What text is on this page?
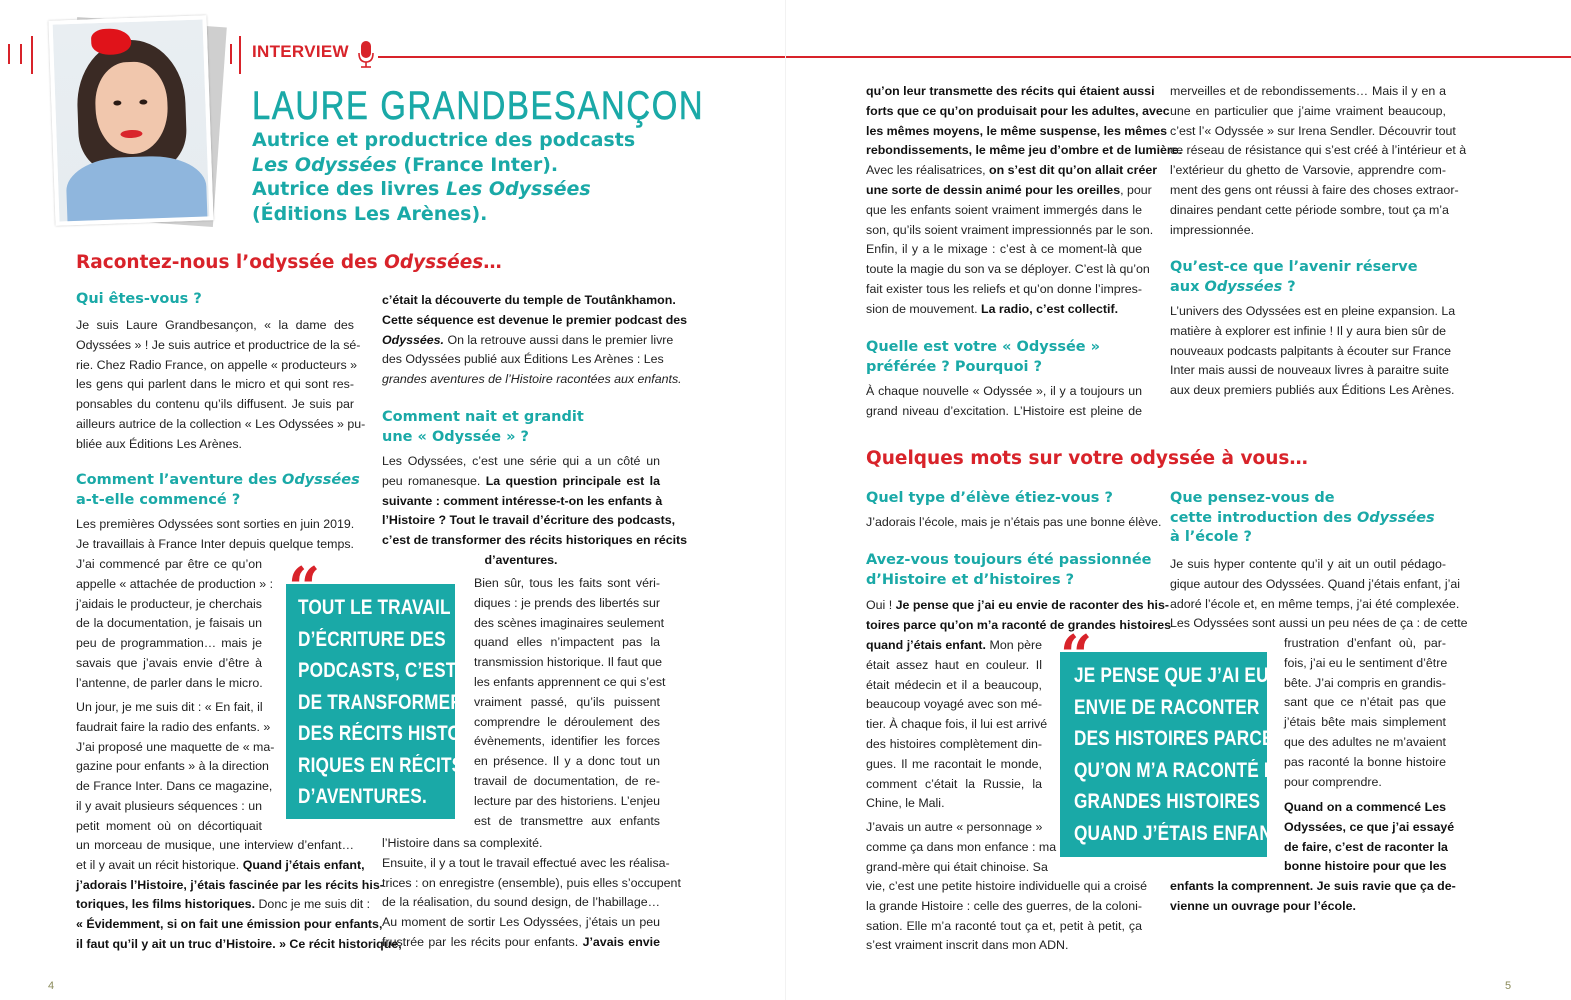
INTERVIEW
LAURE GRANDBESANÇON
Autrice et productrice des podcasts
Les Odyssées (France Inter).
Autrice des livres Les Odyssées
(Éditions Les Arènes).
Racontez-nous l’odyssée des Odyssées…
Qui êtes-vous ?
Je suis Laure Grandbesançon, « la dame des
Odyssées » ! Je suis autrice et productrice de la sé-
rie. Chez Radio France, on appelle « producteurs »
les gens qui parlent dans le micro et qui sont res-
ponsables du contenu qu’ils diffusent. Je suis par
ailleurs autrice de la collection « Les Odyssées » pu-
bliée aux Éditions Les Arènes.
Comment l’aventure des Odyssées
a-t-elle commencé ?
Les premières Odyssées sont sorties en juin 2019.
Je travaillais à France Inter depuis quelque temps.
J’ai commencé par être ce qu’on
appelle « attachée de production » :
j’aidais le producteur, je cherchais
de la documentation, je faisais un
peu de programmation… mais je
savais que j’avais envie d’être à
l’antenne, de parler dans le micro.
Un jour, je me suis dit : « En fait, il
faudrait faire la radio des enfants. »
J’ai proposé une maquette de « ma-
gazine pour enfants » à la direction
de France Inter. Dans ce magazine,
il y avait plusieurs séquences : un
petit moment où on décortiquait
un morceau de musique, une interview d’enfant…
et il y avait un récit historique. Quand j’étais enfant,
j’adorais l’Histoire, j’étais fascinée par les récits his-
toriques, les films historiques. Donc je me suis dit :
« Évidemment, si on fait une émission pour enfants,
il faut qu’il y ait un truc d’Histoire. » Ce récit historique,
TOUT LE TRAVAIL
D’ÉCRITURE DES
PODCASTS, C’EST
DE TRANSFORMER
DES RÉCITS HISTO-
RIQUES EN RÉCITS
D’AVENTURES.
c’était la découverte du temple de Toutânkhamon.
Cette séquence est devenue le premier podcast des
Odyssées. On la retrouve aussi dans le premier livre
des Odyssées publié aux Éditions Les Arènes : Les
grandes aventures de l’Histoire racontées aux enfants.
Comment nait et grandit
une « Odyssée » ?
Les Odyssées, c’est une série qui a un côté un
peu romanesque. La question principale est la
suivante : comment intéresse-t-on les enfants à
l’Histoire ? Tout le travail d’écriture des podcasts,
c’est de transformer des récits historiques en récits
d’aventures.
Bien sûr, tous les faits sont véri-
diques : je prends des libertés sur
des scènes imaginaires seulement
quand elles n’impactent pas la
transmission historique. Il faut que
les enfants apprennent ce qui s’est
vraiment passé, qu’ils puissent
comprendre le déroulement des
évènements, identifier les forces
en présence. Il y a donc tout un
travail de documentation, de re-
lecture par des historiens. L’enjeu
est de transmettre aux enfants
l’Histoire dans sa complexité.
Ensuite, il y a tout le travail effectué avec les réalisa-
trices : on enregistre (ensemble), puis elles s’occupent
de la réalisation, du sound design, de l’habillage…
Au moment de sortir Les Odyssées, j’étais un peu
frustrée par les récits pour enfants. J’avais envie
4
qu’on leur transmette des récits qui étaient aussi
forts que ce qu’on produisait pour les adultes, avec
les mêmes moyens, le même suspense, les mêmes
rebondissements, le même jeu d’ombre et de lumière.
Avec les réalisatrices, on s’est dit qu’on allait créer
une sorte de dessin animé pour les oreilles, pour
que les enfants soient vraiment immergés dans le
son, qu’ils soient vraiment impressionnés par le son.
Enfin, il y a le mixage : c’est à ce moment-là que
toute la magie du son va se déployer. C’est là qu’on
fait exister tous les reliefs et qu’on donne l’impres-
sion de mouvement. La radio, c’est collectif.
Quelle est votre « Odyssée »
préférée ? Pourquoi ?
À chaque nouvelle « Odyssée », il y a toujours un
grand niveau d’excitation. L’Histoire est pleine de
merveilles et de rebondissements… Mais il y en a
une en particulier que j’aime vraiment beaucoup,
c’est l’« Odyssée » sur Irena Sendler. Découvrir tout
ce réseau de résistance qui s’est créé à l’intérieur et à
l’extérieur du ghetto de Varsovie, apprendre com-
ment des gens ont réussi à faire des choses extraor-
dinaires pendant cette période sombre, tout ça m’a
impressionnée.
Qu’est-ce que l’avenir réserve
aux Odyssées ?
L’univers des Odyssées est en pleine expansion. La
matière à explorer est infinie ! Il y aura bien sûr de
nouveaux podcasts palpitants à écouter sur France
Inter mais aussi de nouveaux livres à paraitre suite
aux deux premiers publiés aux Éditions Les Arènes.
Quelques mots sur votre odyssée à vous…
Quel type d’élève étiez-vous ?
J’adorais l’école, mais je n’étais pas une bonne élève.
Avez-vous toujours été passionnée
d’Histoire et d’histoires ?
Oui ! Je pense que j’ai eu envie de raconter des his-
toires parce qu’on m’a raconté de grandes histoires
quand j’étais enfant. Mon père
était assez haut en couleur. Il
était médecin et il a beaucoup,
beaucoup voyagé avec son mé-
tier. À chaque fois, il lui est arrivé
des histoires complètement din-
gues. Il me racontait le monde,
comment c’était la Russie, la
Chine, le Mali.
J’avais un autre « personnage »
comme ça dans mon enfance : ma
grand-mère qui était chinoise. Sa
vie, c’est une petite histoire individuelle qui a croisé
la grande Histoire : celle des guerres, de la coloni-
sation. Elle m’a raconté tout ça et, petit à petit, ça
s’est vraiment inscrit dans mon ADN.
JE PENSE QUE J’AI EU
ENVIE DE RACONTER
DES HISTOIRES PARCE
QU’ON M’A RACONTÉ DE
GRANDES HISTOIRES
QUAND J’ÉTAIS ENFANT.
Que pensez-vous de
cette introduction des Odyssées
à l’école ?
Je suis hyper contente qu’il y ait un outil pédago-
gique autour des Odyssées. Quand j’étais enfant, j’ai
adoré l’école et, en même temps, j’ai été complexée.
Les Odyssées sont aussi un peu nées de ça : de cette
frustration d’enfant où, par-
fois, j’ai eu le sentiment d’être
bête. J’ai compris en grandis-
sant que ce n’était pas que
j’étais bête mais simplement
que des adultes ne m’avaient
pas raconté la bonne histoire
pour comprendre.
Quand on a commencé Les
Odyssées, ce que j’ai essayé
de faire, c’est de raconter la
bonne histoire pour que les
enfants la comprennent. Je suis ravie que ça de-
vienne un ouvrage pour l’école.
5
